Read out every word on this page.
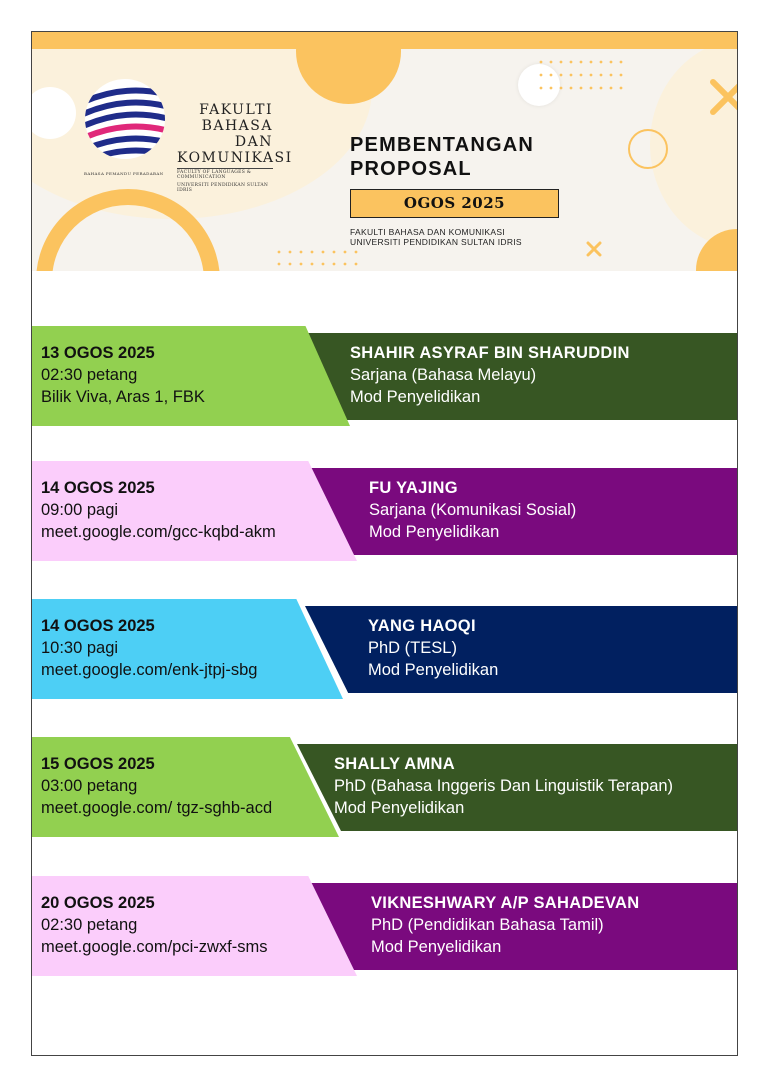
FAKULTI
BAHASA DAN
KOMUNIKASI
FACULTY OF LANGUAGES & COMMUNICATION
UNIVERSITI PENDIDIKAN SULTAN IDRIS
BAHASA PEMANDU PERADABAN
PEMBENTANGAN
PROPOSAL
OGOS 2025
FAKULTI BAHASA DAN KOMUNIKASI
UNIVERSITI PENDIDIKAN SULTAN IDRIS
13 OGOS 2025
02:30 petang
Bilik Viva, Aras 1, FBK
SHAHIR ASYRAF BIN SHARUDDIN
Sarjana (Bahasa Melayu)
Mod Penyelidikan
14 OGOS 2025
09:00 pagi
meet.google.com/gcc-kqbd-akm
FU YAJING
Sarjana (Komunikasi Sosial)
Mod Penyelidikan
14 OGOS 2025
10:30 pagi
meet.google.com/enk-jtpj-sbg
YANG HAOQI
PhD (TESL)
Mod Penyelidikan
15 OGOS 2025
03:00 petang
meet.google.com/ tgz-sghb-acd
SHALLY AMNA
PhD (Bahasa Inggeris Dan Linguistik Terapan)
Mod Penyelidikan
20 OGOS 2025
02:30 petang
meet.google.com/pci-zwxf-sms
VIKNESHWARY A/P SAHADEVAN
PhD (Pendidikan Bahasa Tamil)
Mod Penyelidikan
